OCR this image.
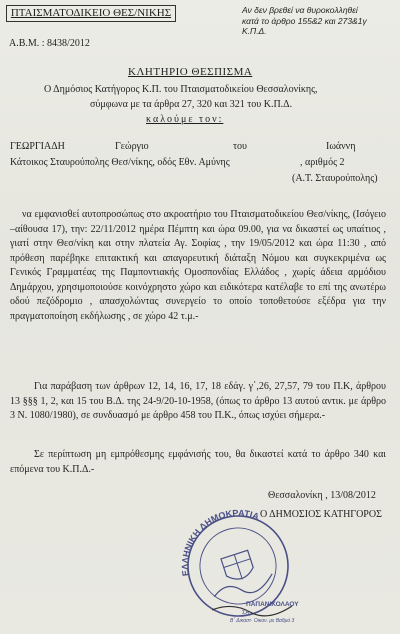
ΠΤΑΙΣΜΑΤΟΔΙΚΕΙΟ ΘΕΣ/ΝΙΚΗΣ
Α.Β.Μ. : 8438/2012
Αν δεν βρεθεί να θυροκολληθεί
κατά το άρθρο 155&2 και 273&1γ
Κ.Π.Δ.
ΚΛΗΤΗΡΙΟ ΘΕΣΠΙΣΜΑ
Ο Δημόσιος Κατήγορος Κ.Π. του Πταισματοδικείου Θεσσαλονίκης,
σύμφωνα με τα άρθρα 27, 320 και 321 του Κ.Π.Δ.
καλούμε τον:
ΓΕΩΡΓΙΑΔΗ	Γεώργιο	του	Ιωάννη
Κάτοικος Σταυρούπολης Θεσ/νίκης, οδός Εθν. Αμύνης	, αριθμός 2
(Α.Τ. Σταυρούπολης)
να εμφανισθεί αυτοπροσώπως στο ακροατήριο του Πταισματοδικείου Θεσ/νίκης, (Ισόγειο –αίθουσα 17), την: 22/11/2012 ημέρα Πέμπτη και ώρα 09.00, για να δικαστεί ως υπαίτιος , γιατί στην Θεσ/νίκη και στην πλατεία Αγ. Σοφίας , την 19/05/2012 και ώρα 11:30 , από πρόθεση παρέβηκε επιτακτική και απαγορευτική διάταξη Νόμου και συγκεκριμένα ως Γενικός Γραμματέας της Παμποντιακής Ομοσπονδίας Ελλάδος , χωρίς άδεια αρμόδιου Δημάρχου, χρησιμοποιούσε κοινόχρηστο χώρο και ειδικότερα κατέλαβε το επί της ανωτέρω οδού πεζόδρομιο , απασχολώντας συνεργείο το οποίο τοποθετούσε εξέδρα για την πραγματοποίηση εκδήλωσης , σε χώρο 42 τ.μ.-
Για παράβαση των άρθρων 12, 14, 16, 17, 18 εδάγ. γ΄,26, 27,57, 79 του Π.Κ, άρθρου 13 §§§ 1, 2, και 15 του Β.Δ. της 24-9/20-10-1958, (όπως το άρθρο 13 αυτού αντικ. με άρθρο 3 Ν. 1080/1980), σε συνδυασμό με άρθρο 458 του Π.Κ., όπως ισχύει σήμερα.-
Σε περίπτωση μη εμπρόθεσμης εμφάνισής του, θα δικαστεί κατά το άρθρο 340 και επόμενα του Κ.Π.Δ.-
Θεσσαλονίκη , 13/08/2012
Ο ΔΗΜΟΣΙΟΣ ΚΑΤΗΓΟΡΟΣ
ΕΛΛΗΝΙΚΗ ΔΗΜΟΚΡΑΤΙΑ
ΠΑΠΑΝΙΚΟΛΑΟΥ
ΣΑ
Β΄ Δικαστ· Οικον. με Βαθμό 3
